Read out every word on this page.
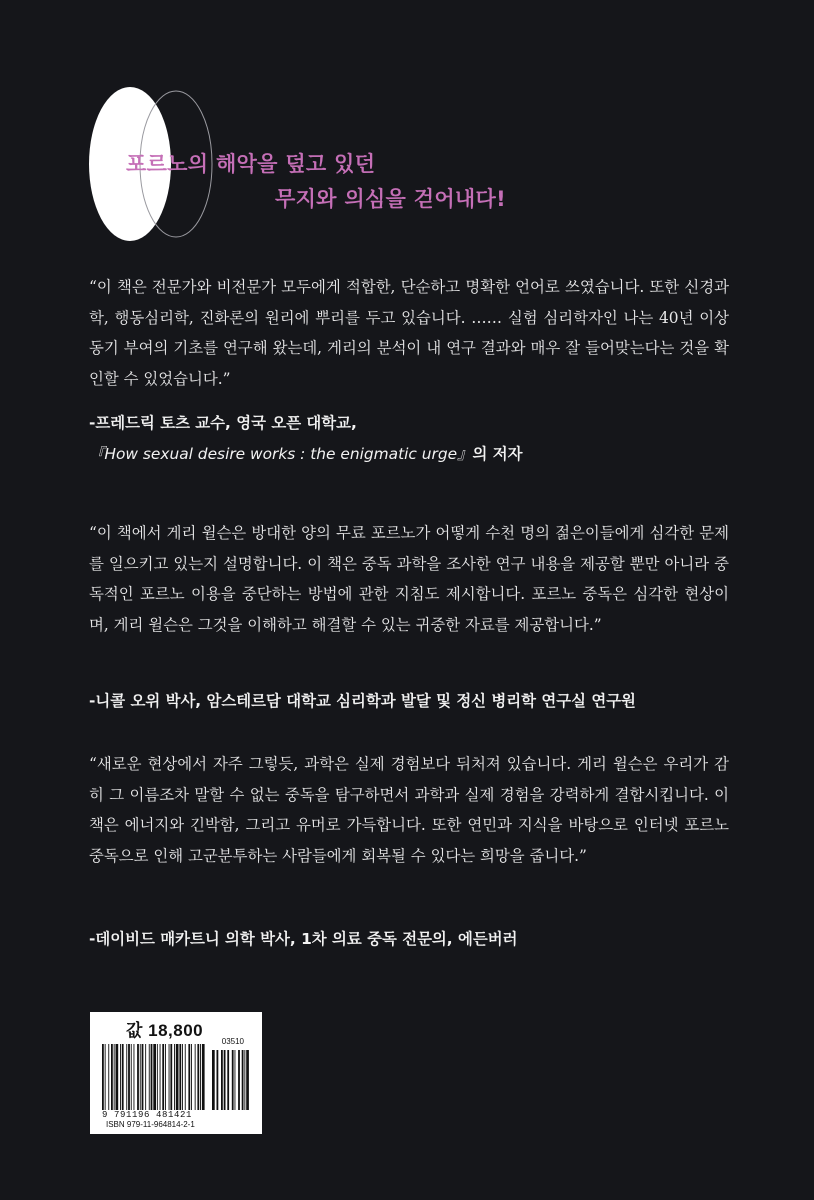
포르노의 해악을 덮고 있던
무지와 의심을 걷어내다!

“이 책은 전문가와 비전문가 모두에게 적합한, 단순하고 명확한 언어로 쓰였습니다. 또한 신경과학, 행동심리학, 진화론의 원리에 뿌리를 두고 있습니다. …… 실험 심리학자인 나는 40년 이상 동기 부여의 기초를 연구해 왔는데, 게리의 분석이 내 연구 결과와 매우 잘 들어맞는다는 것을 확인할 수 있었습니다.”

-프레드릭 토츠 교수, 영국 오픈 대학교,『How sexual desire works : the enigmatic urge』의 저자

“이 책에서 게리 윌슨은 방대한 양의 무료 포르노가 어떻게 수천 명의 젊은이들에게 심각한 문제를 일으키고 있는지 설명합니다. 이 책은 중독 과학을 조사한 연구 내용을 제공할 뿐만 아니라 중독적인 포르노 이용을 중단하는 방법에 관한 지침도 제시합니다. 포르노 중독은 심각한 현상이며, 게리 윌슨은 그것을 이해하고 해결할 수 있는 귀중한 자료를 제공합니다.”

-니콜 오위 박사, 암스테르담 대학교 심리학과 발달 및 정신 병리학 연구실 연구원

“새로운 현상에서 자주 그렇듯, 과학은 실제 경험보다 뒤처져 있습니다. 게리 윌슨은 우리가 감히 그 이름조차 말할 수 없는 중독을 탐구하면서 과학과 실제 경험을 강력하게 결합시킵니다. 이 책은 에너지와 긴박함, 그리고 유머로 가득합니다. 또한 연민과 지식을 바탕으로 인터넷 포르노 중독으로 인해 고군분투하는 사람들에게 회복될 수 있다는 희망을 줍니다.”

-데이비드 매카트니 의학 박사, 1차 의료 중독 전문의, 에든버러

값 18,800
03510
9 791196 481421
ISBN 979-11-964814-2-1
